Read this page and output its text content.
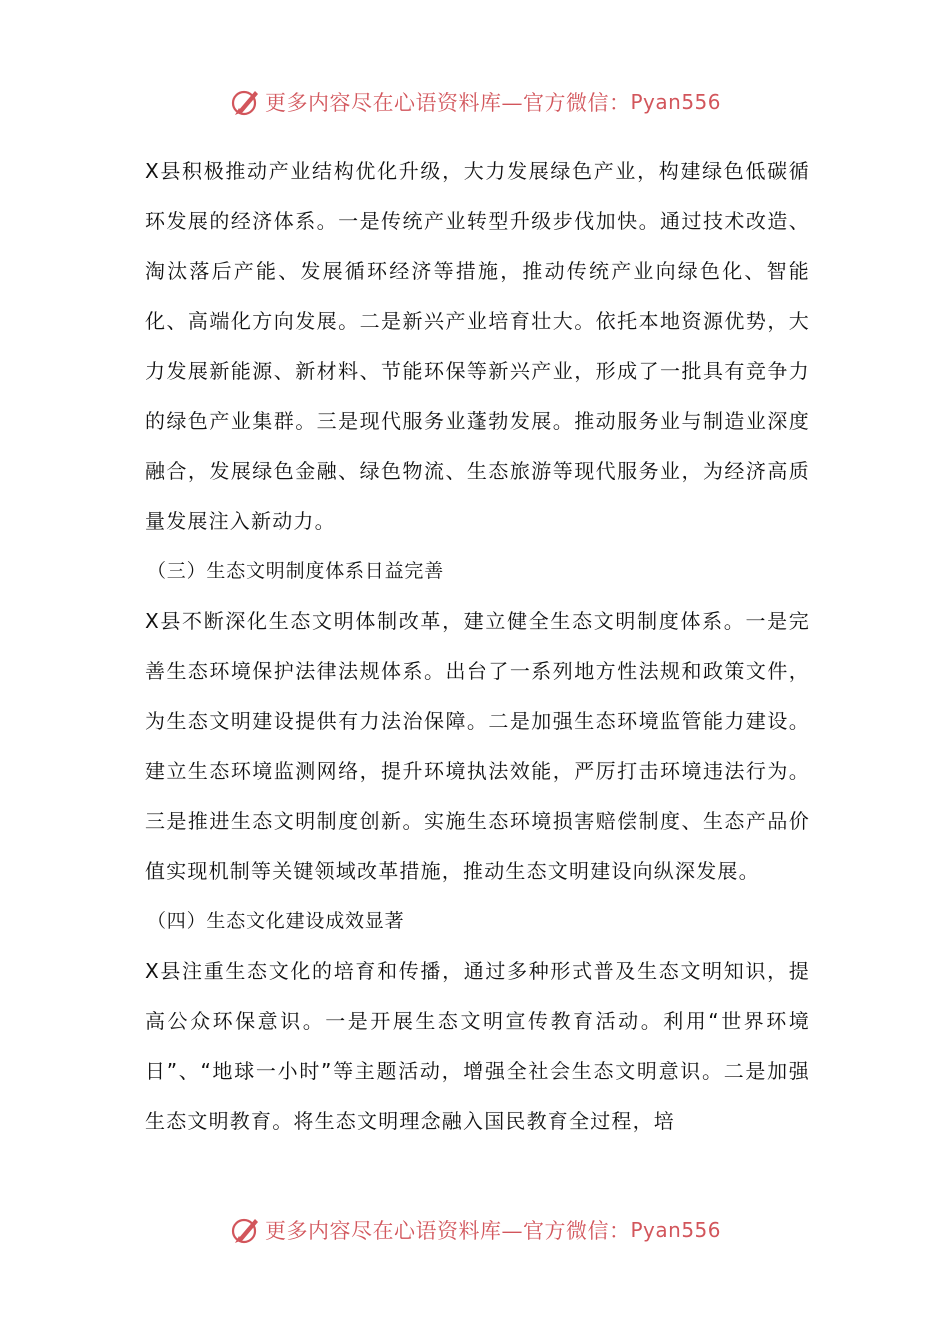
更多内容尽在心语资料库—官方微信： Pyan556

X县积极推动产业结构优化升级，大力发展绿色产业，构建绿色低碳循环发展的经济体系。一是传统产业转型升级步伐加快。通过技术改造、淘汰落后产能、发展循环经济等措施，推动传统产业向绿色化、智能化、高端化方向发展。二是新兴产业培育壮大。依托本地资源优势，大力发展新能源、新材料、节能环保等新兴产业，形成了一批具有竞争力的绿色产业集群。三是现代服务业蓬勃发展。推动服务业与制造业深度融合，发展绿色金融、绿色物流、生态旅游等现代服务业，为经济高质量发展注入新动力。

（三）生态文明制度体系日益完善

X县不断深化生态文明体制改革，建立健全生态文明制度体系。一是完善生态环境保护法律法规体系。出台了一系列地方性法规和政策文件，为生态文明建设提供有力法治保障。二是加强生态环境监管能力建设。建立生态环境监测网络，提升环境执法效能，严厉打击环境违法行为。三是推进生态文明制度创新。实施生态环境损害赔偿制度、生态产品价值实现机制等关键领域改革措施，推动生态文明建设向纵深发展。

（四）生态文化建设成效显著

X县注重生态文化的培育和传播，通过多种形式普及生态文明知识，提高公众环保意识。一是开展生态文明宣传教育活动。利用“世界环境日”、“地球一小时”等主题活动，增强全社会生态文明意识。二是加强生态文明教育。将生态文明理念融入国民教育全过程，培

更多内容尽在心语资料库—官方微信： Pyan556
